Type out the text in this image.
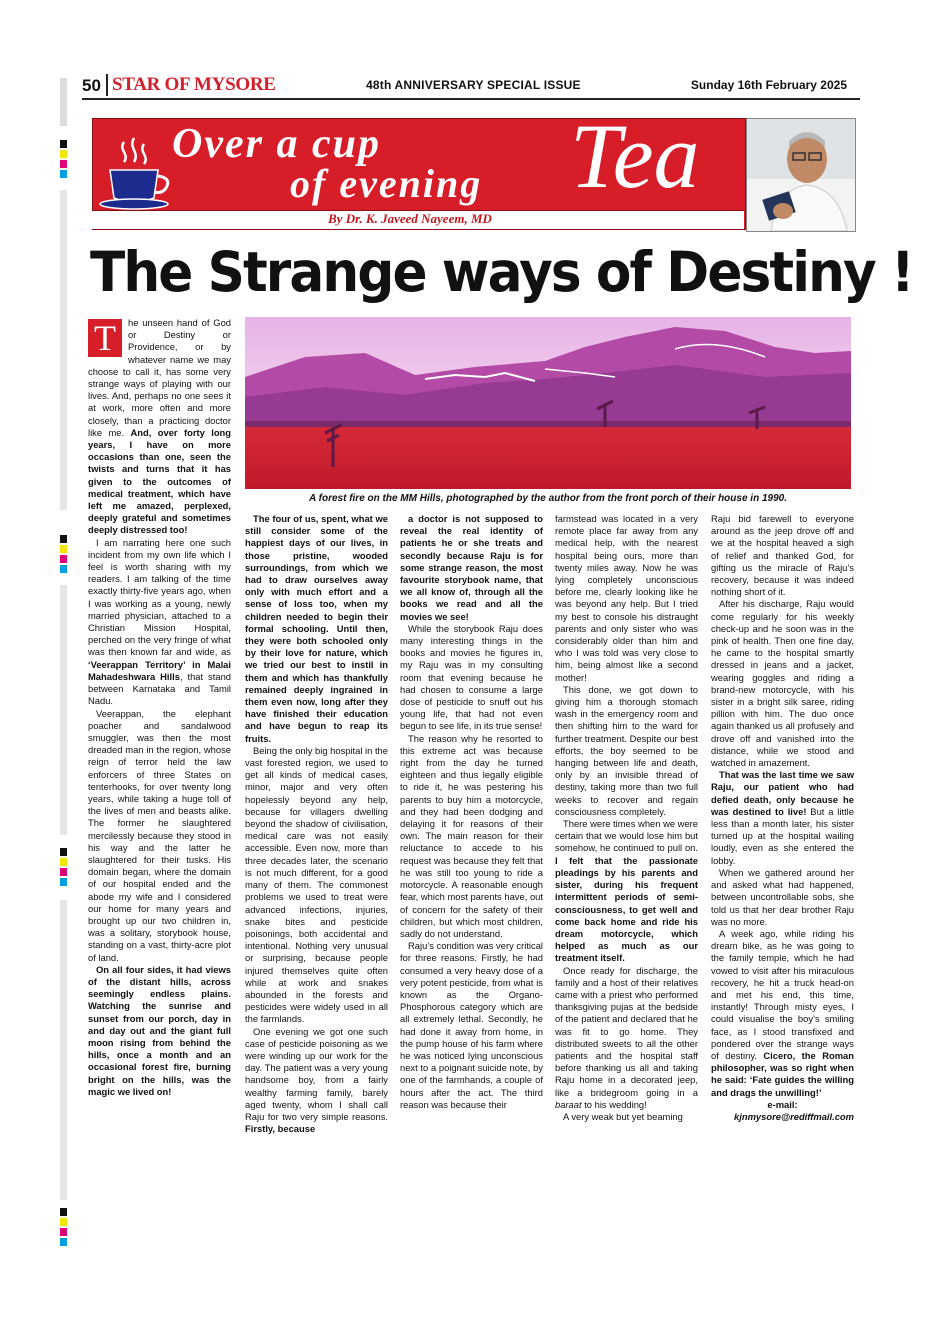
50 STAR OF MYSORE	48th ANNIVERSARY SPECIAL ISSUE	Sunday 16th February 2025
Over a cup
of evening Tea
By Dr. K. Javeed Nayeem, MD
The Strange ways of Destiny !
A forest fire on the MM Hills, photographed by the author from the front porch of their house in 1990.
T	he unseen hand of God or Destiny or Providence, or by whatever name we may choose to call it, has some very strange ways of playing with our lives. And, perhaps no one sees it at work, more often and more closely, than a practicing doctor like me. And, over forty long years, I have on more occasions than one, seen the twists and turns that it has given to the outcomes of medical treatment, which have left me amazed, perplexed, deeply grateful and sometimes deeply distressed too!

I am narrating here one such incident from my own life which I feel is worth sharing with my readers. I am talking of the time exactly thirty-five years ago, when I was working as a young, newly married physician, attached to a Christian Mission Hospital, perched on the very fringe of what was then known far and wide, as ‘Veerappan Territory’ in Malai Mahadeshwara Hills, that stand between Karnataka and Tamil Nadu.

Veerappan, the elephant poacher and sandalwood smuggler, was then the most dreaded man in the region, whose reign of terror held the law enforcers of three States on tenterhooks, for over twenty long years, while taking a huge toll of the lives of men and beasts alike. The former he slaughtered mercilessly because they stood in his way and the latter he slaughtered for their tusks. His domain began, where the domain of our hospital ended and the abode my wife and I considered our home for many years and brought up our two children in, was a solitary, storybook house, standing on a vast, thirty-acre plot of land.

On all four sides, it had views of the distant hills, across seemingly endless plains. Watching the sunrise and sunset from our porch, day in and day out and the giant full moon rising from behind the hills, once a month and an occasional forest fire, burning bright on the hills, was the magic we lived on!

The four of us, spent, what we still consider some of the happiest days of our lives, in those pristine, wooded surroundings, from which we had to draw ourselves away only with much effort and a sense of loss too, when my children needed to begin their formal schooling. Until then, they were both schooled only by their love for nature, which we tried our best to instil in them and which has thankfully remained deeply ingrained in them even now, long after they have finished their education and have begun to reap its fruits.

Being the only big hospital in the vast forested region, we used to get all kinds of medical cases, minor, major and very often hopelessly beyond any help, because for villagers dwelling beyond the shadow of civilisation, medical care was not easily accessible. Even now, more than three decades later, the scenario is not much different, for a good many of them. The commonest problems we used to treat were advanced infections, injuries, snake bites and pesticide poisonings, both accidental and intentional. Nothing very unusual or surprising, because people injured themselves quite often while at work and snakes abounded in the forests and pesticides were widely used in all the farmlands.

One evening we got one such case of pesticide poisoning as we were winding up our work for the day. The patient was a very young handsome boy, from a fairly wealthy farming family, barely aged twenty, whom I shall call Raju for two very simple reasons. Firstly, because

a doctor is not supposed to reveal the real identity of patients he or she treats and secondly because Raju is for some strange reason, the most favourite storybook name, that we all know of, through all the books we read and all the movies we see!

While the storybook Raju does many interesting things in the books and movies he figures in, my Raju was in my consulting room that evening because he had chosen to consume a large dose of pesticide to snuff out his young life, that had not even begun to see life, in its true sense!

The reason why he resorted to this extreme act was because right from the day he turned eighteen and thus legally eligible to ride it, he was pestering his parents to buy him a motorcycle, and they had been dodging and delaying it for reasons of their own. The main reason for their reluctance to accede to his request was because they felt that he was still too young to ride a motorcycle. A reasonable enough fear, which most parents have, out of concern for the safety of their children, but which most children, sadly do not understand.

Raju’s condition was very critical for three reasons. Firstly, he had consumed a very heavy dose of a very potent pesticide, from what is known as the Organo-Phosphorous category which are all extremely lethal. Secondly, he had done it away from home, in the pump house of his farm where he was noticed lying unconscious next to a poignant suicide note, by one of the farmhands, a couple of hours after the act. The third reason was because their

farmstead was located in a very remote place far away from any medical help, with the nearest hospital being ours, more than twenty miles away. Now he was lying completely unconscious before me, clearly looking like he was beyond any help. But I tried my best to console his distraught parents and only sister who was considerably older than him and who I was told was very close to him, being almost like a second mother!

This done, we got down to giving him a thorough stomach wash in the emergency room and then shifting him to the ward for further treatment. Despite our best efforts, the boy seemed to be hanging between life and death, only by an invisible thread of destiny, taking more than two full weeks to recover and regain consciousness completely.

There were times when we were certain that we would lose him but somehow, he continued to pull on. I felt that the passionate pleadings by his parents and sister, during his frequent intermittent periods of semi-consciousness, to get well and come back home and ride his dream motorcycle, which helped as much as our treatment itself.

Once ready for discharge, the family and a host of their relatives came with a priest who performed thanksgiving pujas at the bedside of the patient and declared that he was fit to go home. They distributed sweets to all the other patients and the hospital staff before thanking us all and taking Raju home in a decorated jeep, like a bridegroom going in a baraat to his wedding!

A very weak but yet beaming

Raju bid farewell to everyone around as the jeep drove off and we at the hospital heaved a sigh of relief and thanked God, for gifting us the miracle of Raju’s recovery, because it was indeed nothing short of it.

After his discharge, Raju would come regularly for his weekly check-up and he soon was in the pink of health. Then one fine day, he came to the hospital smartly dressed in jeans and a jacket, wearing goggles and riding a brand-new motorcycle, with his sister in a bright silk saree, riding pillion with him. The duo once again thanked us all profusely and drove off and vanished into the distance, while we stood and watched in amazement.

That was the last time we saw Raju, our patient who had defied death, only because he was destined to live! But a little less than a month later, his sister turned up at the hospital wailing loudly, even as she entered the lobby.

When we gathered around her and asked what had happened, between uncontrollable sobs, she told us that her dear brother Raju was no more.

A week ago, while riding his dream bike, as he was going to the family temple, which he had vowed to visit after his miraculous recovery, he hit a truck head-on and met his end, this time, instantly! Through misty eyes, I could visualise the boy’s smiling face, as I stood transfixed and pondered over the strange ways of destiny. Cicero, the Roman philosopher, was so right when he said: ‘Fate guides the willing and drags the unwilling!’

e-mail:

kjnmysore@rediffmail.com
